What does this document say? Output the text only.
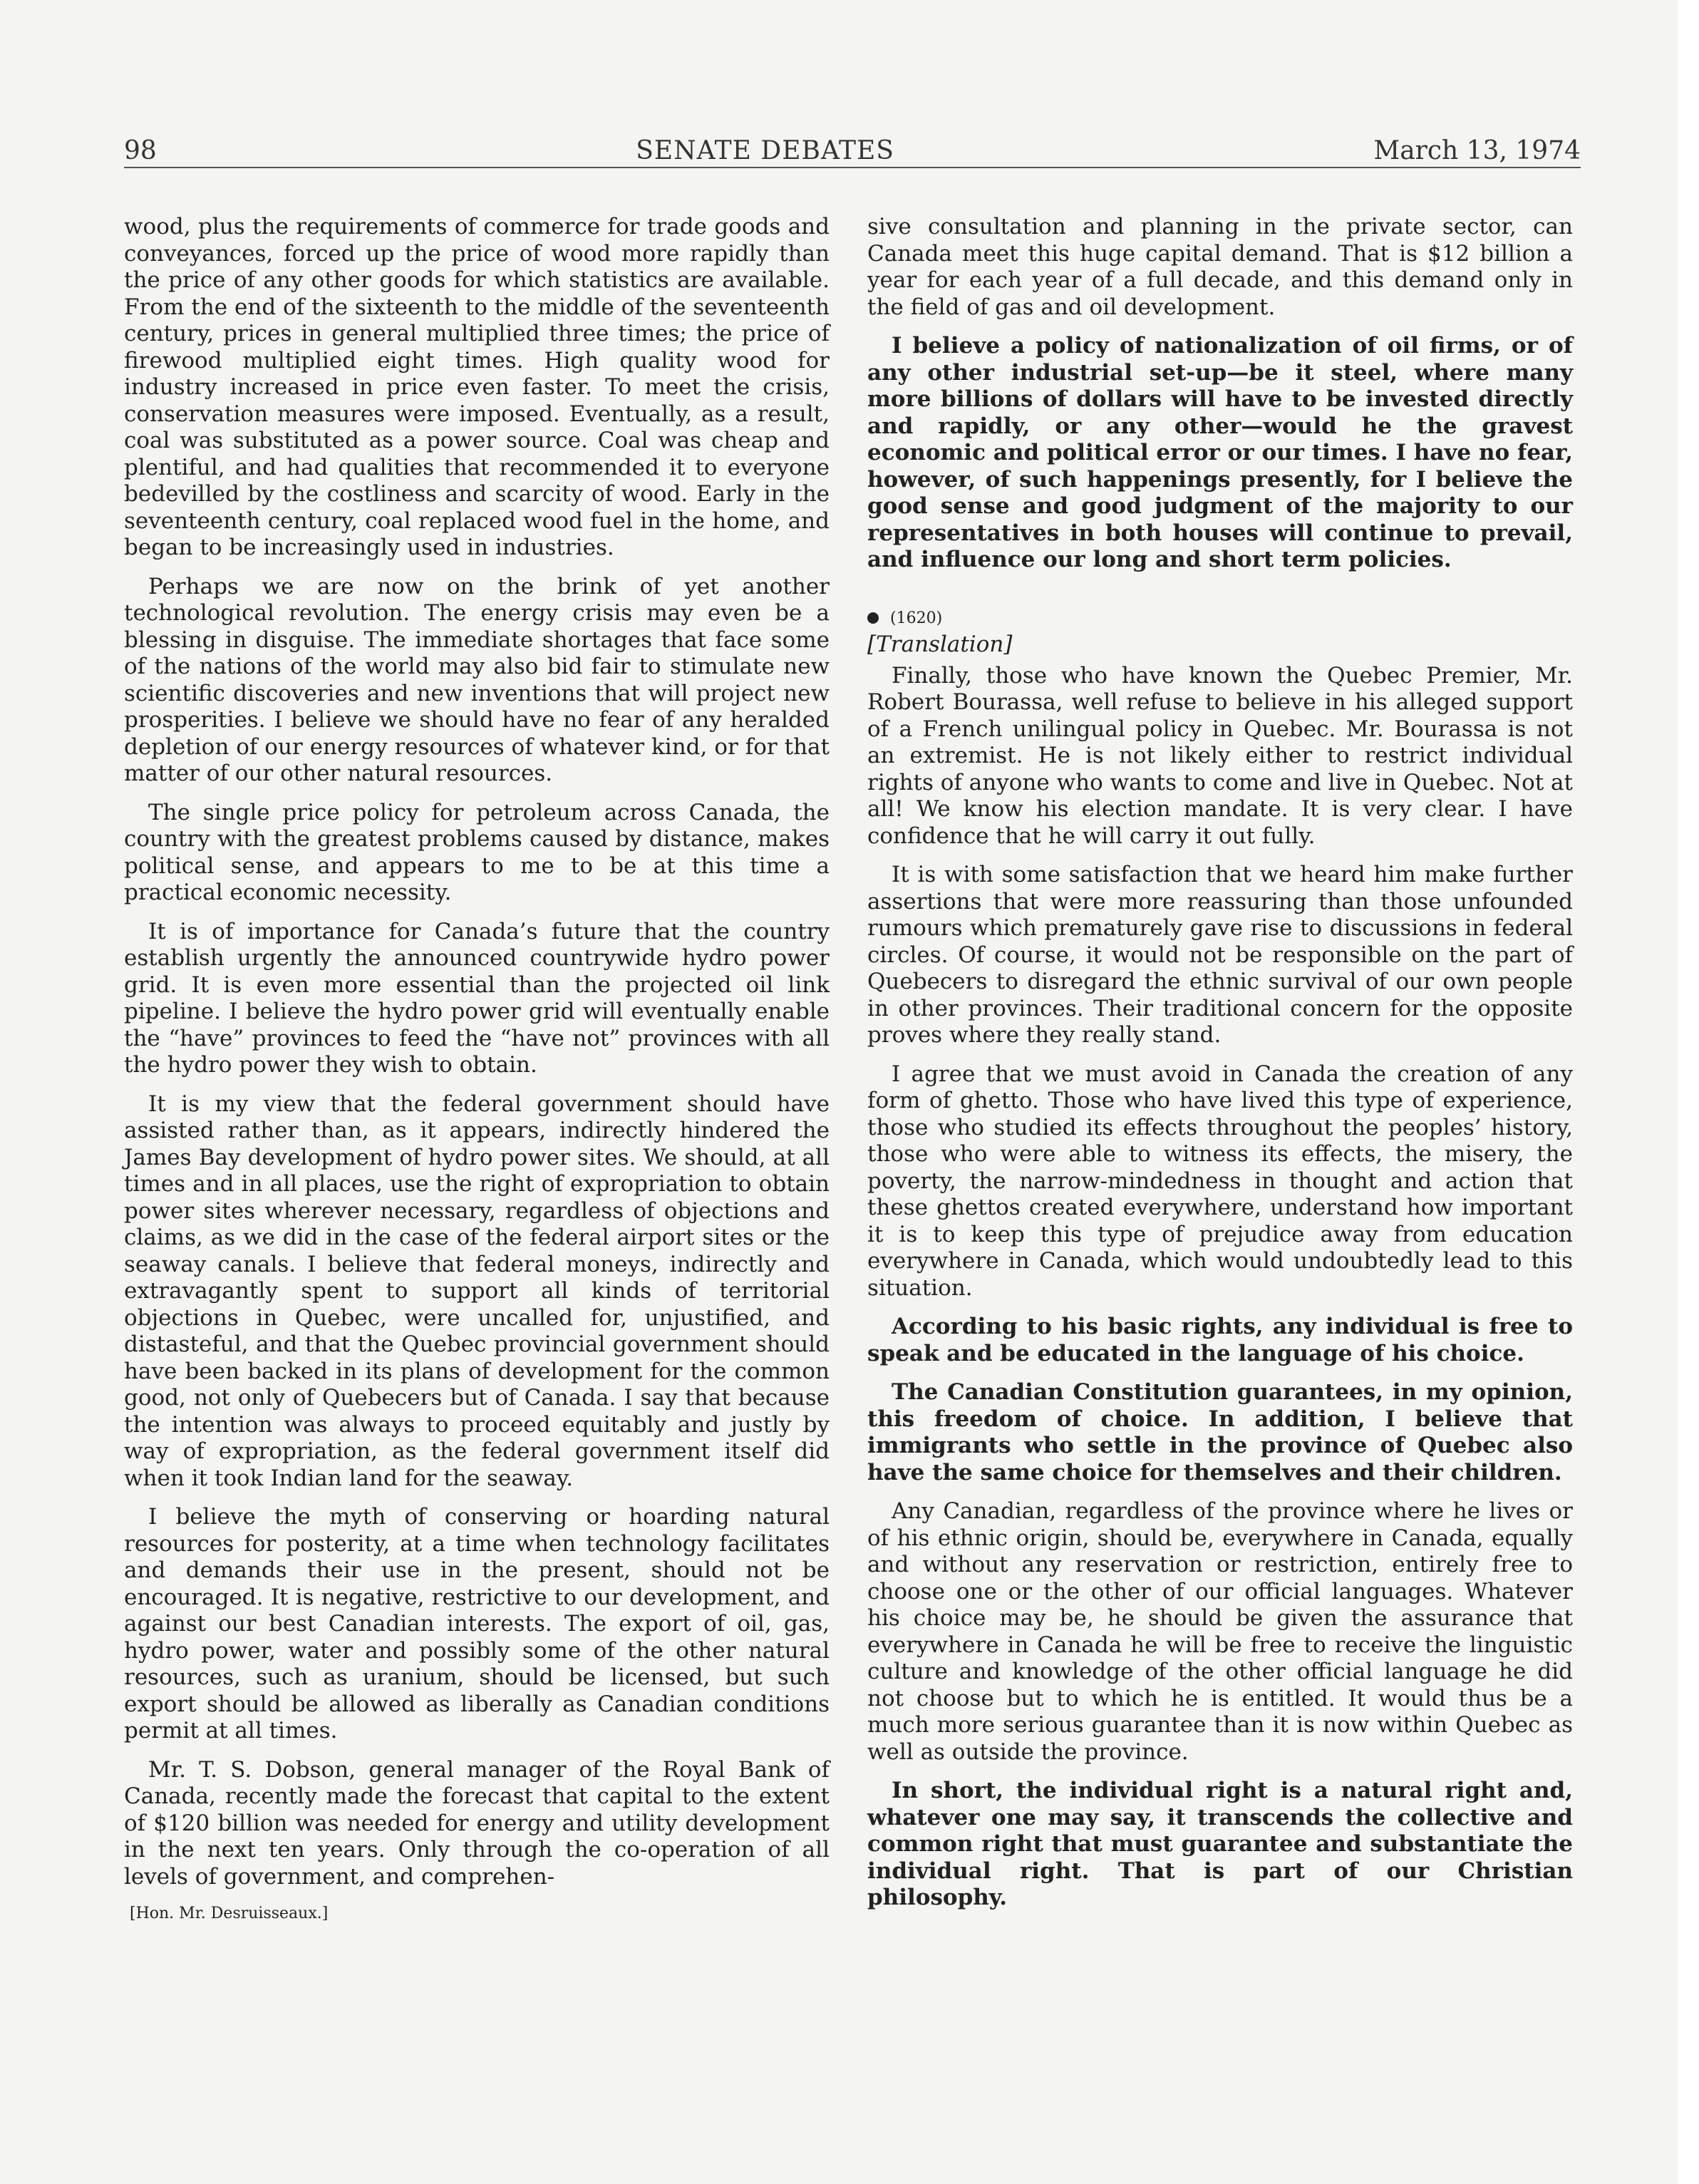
98	SENATE DEBATES	March 13, 1974

wood, plus the requirements of commerce for trade goods and conveyances, forced up the price of wood more rapidly than the price of any other goods for which statistics are available. From the end of the sixteenth to the middle of the seventeenth century, prices in general multiplied three times; the price of firewood multiplied eight times. High quality wood for industry increased in price even faster. To meet the crisis, conservation measures were imposed. Eventually, as a result, coal was substituted as a power source. Coal was cheap and plentiful, and had qualities that recommended it to everyone bedevilled by the costliness and scarcity of wood. Early in the seventeenth century, coal replaced wood fuel in the home, and began to be increasingly used in industries.

Perhaps we are now on the brink of yet another technological revolution. The energy crisis may even be a blessing in disguise. The immediate shortages that face some of the nations of the world may also bid fair to stimulate new scientific discoveries and new inventions that will project new prosperities. I believe we should have no fear of any heralded depletion of our energy resources of whatever kind, or for that matter of our other natural resources.

The single price policy for petroleum across Canada, the country with the greatest problems caused by distance, makes political sense, and appears to me to be at this time a practical economic necessity.

It is of importance for Canada’s future that the country establish urgently the announced countrywide hydro power grid. It is even more essential than the projected oil link pipeline. I believe the hydro power grid will eventually enable the “have” provinces to feed the “have not” provinces with all the hydro power they wish to obtain.

It is my view that the federal government should have assisted rather than, as it appears, indirectly hindered the James Bay development of hydro power sites. We should, at all times and in all places, use the right of expropriation to obtain power sites wherever necessary, regardless of objections and claims, as we did in the case of the federal airport sites or the seaway canals. I believe that federal moneys, indirectly and extravagantly spent to support all kinds of territorial objections in Quebec, were uncalled for, unjustified, and distasteful, and that the Quebec provincial government should have been backed in its plans of development for the common good, not only of Quebecers but of Canada. I say that because the intention was always to proceed equitably and justly by way of expropriation, as the federal government itself did when it took Indian land for the seaway.

I believe the myth of conserving or hoarding natural resources for posterity, at a time when technology facilitates and demands their use in the present, should not be encouraged. It is negative, restrictive to our development, and against our best Canadian interests. The export of oil, gas, hydro power, water and possibly some of the other natural resources, such as uranium, should be licensed, but such export should be allowed as liberally as Canadian conditions permit at all times.

Mr. T. S. Dobson, general manager of the Royal Bank of Canada, recently made the forecast that capital to the extent of $120 billion was needed for energy and utility development in the next ten years. Only through the co-operation of all levels of government, and comprehen-

[Hon. Mr. Desruisseaux.]

sive consultation and planning in the private sector, can Canada meet this huge capital demand. That is $12 billion a year for each year of a full decade, and this demand only in the field of gas and oil development.

I believe a policy of nationalization of oil firms, or of any other industrial set-up—be it steel, where many more billions of dollars will have to be invested directly and rapidly, or any other—would he the gravest economic and political error or our times. I have no fear, however, of such happenings presently, for I believe the good sense and good judgment of the majority to our representatives in both houses will continue to prevail, and influence our long and short term policies.

(1620)
[Translation]

Finally, those who have known the Quebec Premier, Mr. Robert Bourassa, well refuse to believe in his alleged support of a French unilingual policy in Quebec. Mr. Bourassa is not an extremist. He is not likely either to restrict individual rights of anyone who wants to come and live in Quebec. Not at all! We know his election mandate. It is very clear. I have confidence that he will carry it out fully.

It is with some satisfaction that we heard him make further assertions that were more reassuring than those unfounded rumours which prematurely gave rise to discussions in federal circles. Of course, it would not be responsible on the part of Quebecers to disregard the ethnic survival of our own people in other provinces. Their traditional concern for the opposite proves where they really stand.

I agree that we must avoid in Canada the creation of any form of ghetto. Those who have lived this type of experience, those who studied its effects throughout the peoples’ history, those who were able to witness its effects, the misery, the poverty, the narrow-mindedness in thought and action that these ghettos created everywhere, understand how important it is to keep this type of prejudice away from education everywhere in Canada, which would undoubtedly lead to this situation.

According to his basic rights, any individual is free to speak and be educated in the language of his choice.

The Canadian Constitution guarantees, in my opinion, this freedom of choice. In addition, I believe that immigrants who settle in the province of Quebec also have the same choice for themselves and their children.

Any Canadian, regardless of the province where he lives or of his ethnic origin, should be, everywhere in Canada, equally and without any reservation or restriction, entirely free to choose one or the other of our official languages. Whatever his choice may be, he should be given the assurance that everywhere in Canada he will be free to receive the linguistic culture and knowledge of the other official language he did not choose but to which he is entitled. It would thus be a much more serious guarantee than it is now within Quebec as well as outside the province.

In short, the individual right is a natural right and, whatever one may say, it transcends the collective and common right that must guarantee and substantiate the individual right. That is part of our Christian philosophy.
